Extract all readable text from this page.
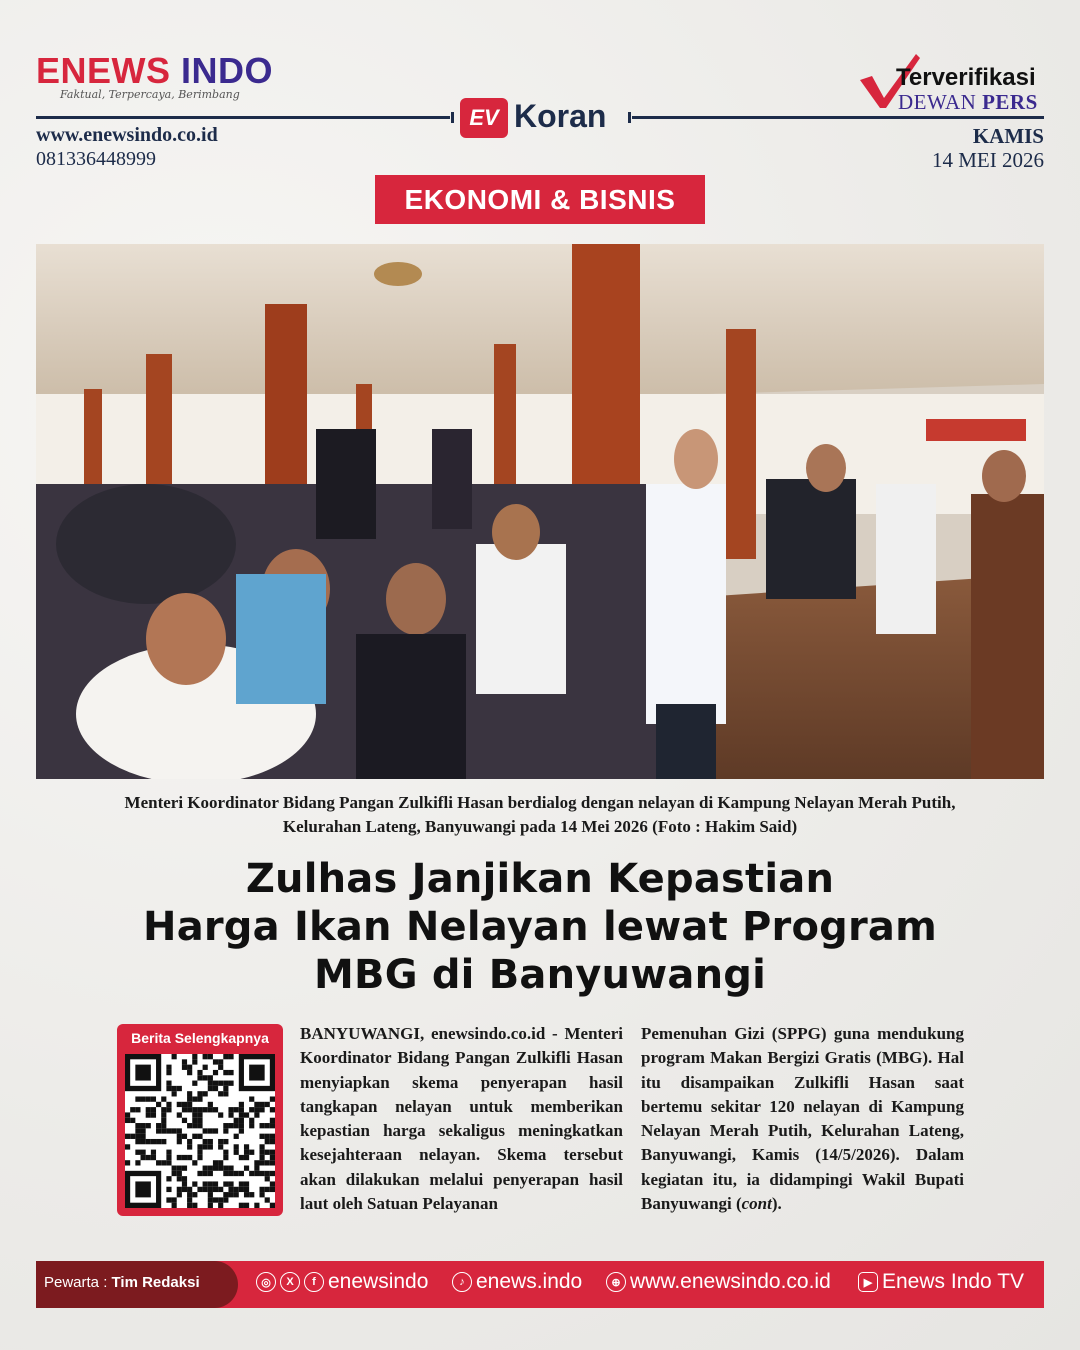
ENEWS INDO
Faktual, Terpercaya, Berimbang
EV Koran
www.enewsindo.co.id
081336448999
Terverifikasi
DEWAN PERS
KAMIS
14 MEI 2026
EKONOMI & BISNIS
Menteri Koordinator Bidang Pangan Zulkifli Hasan berdialog dengan nelayan di Kampung Nelayan Merah Putih,
Kelurahan Lateng, Banyuwangi pada 14 Mei 2026 (Foto : Hakim Said)
Zulhas Janjikan Kepastian
Harga Ikan Nelayan lewat Program
MBG di Banyuwangi
Berita Selengkapnya	BANYUWANGI, enewsindo.co.id - Menteri Koordinator Bidang Pangan Zulkifli Hasan menyiapkan skema penyerapan hasil tangkapan nelayan untuk memberikan kepastian harga sekaligus meningkatkan kesejahteraan nelayan. Skema tersebut akan dilakukan melalui penyerapan hasil laut oleh Satuan Pelayanan
Pemenuhan Gizi (SPPG) guna mendukung program Makan Bergizi Gratis (MBG). Hal itu disampaikan Zulkifli Hasan saat bertemu sekitar 120 nelayan di Kampung Nelayan Merah Putih, Kelurahan Lateng, Banyuwangi, Kamis (14/5/2026). Dalam kegiatan itu, ia didampingi Wakil Bupati Banyuwangi (cont).
Pewarta : Tim Redaksi	◎	X	f enewsindo	♪ enews.indo	⊕ www.enewsindo.co.id	▶ Enews Indo TV
